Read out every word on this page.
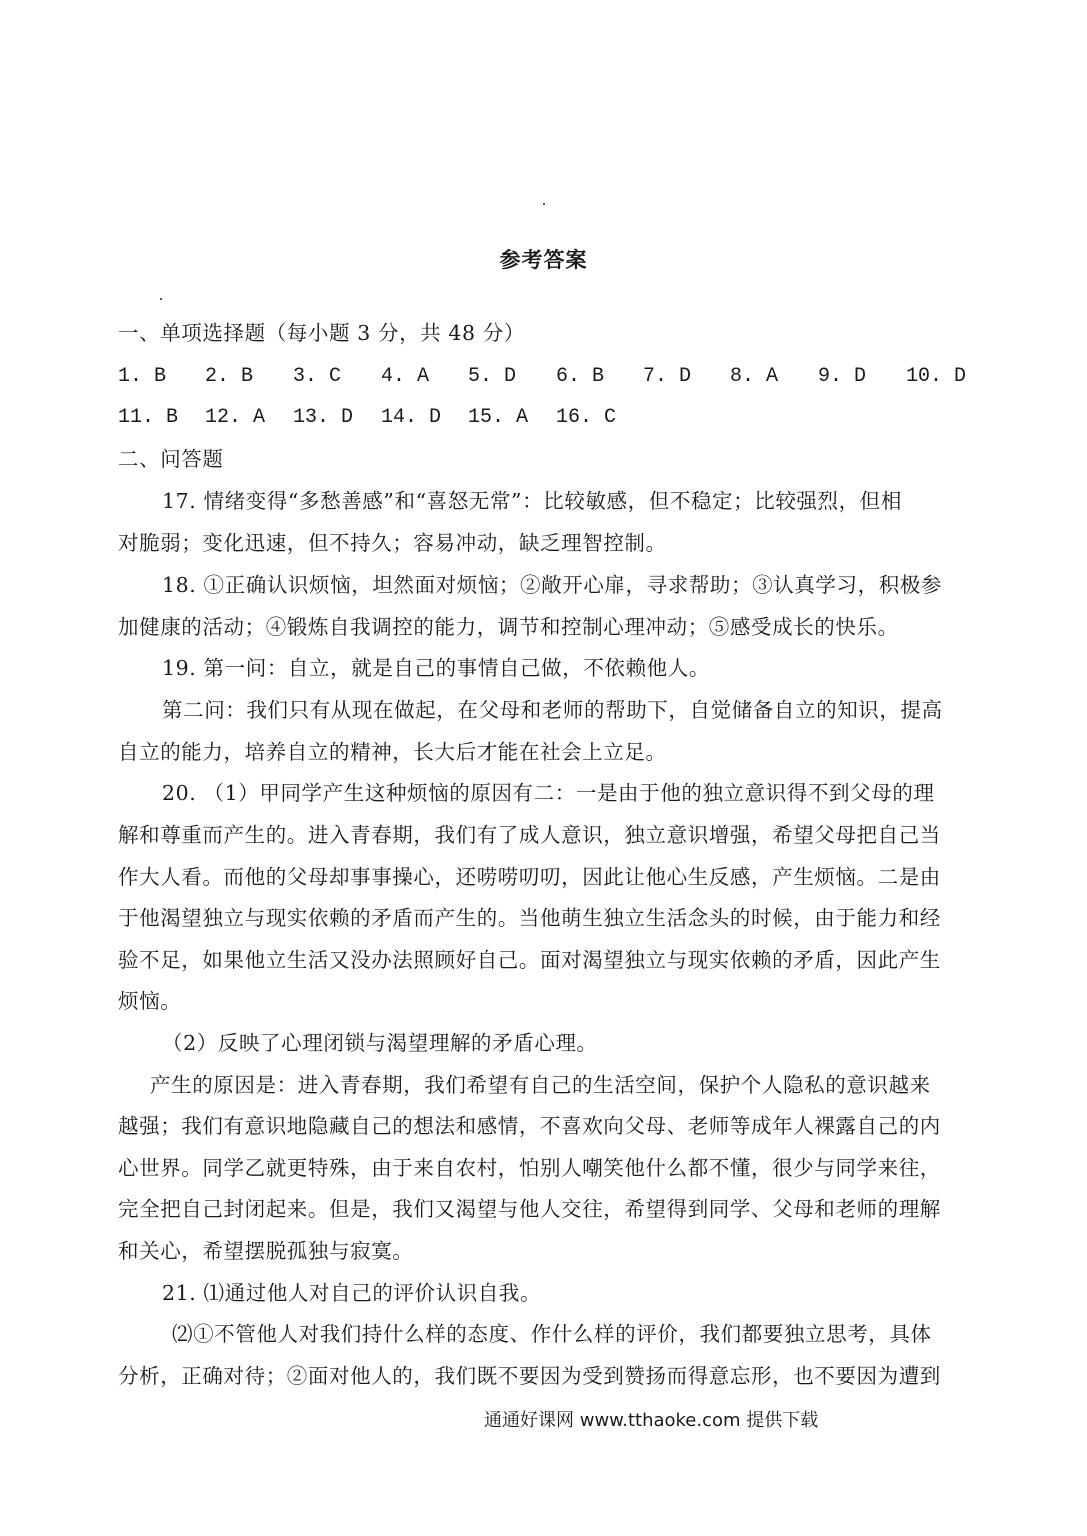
参考答案
一、单项选择题（每小题 3 分，共 48 分）
1. B 2. B 3. C 4. A 5. D 6. B 7. D 8. A 9. D 10. D
11. B 12. A 13. D 14. D 15. A 16. C
二、问答题
17. 情绪变得“多愁善感”和“喜怒无常”：比较敏感，但不稳定；比较强烈，但相
对脆弱；变化迅速，但不持久；容易冲动，缺乏理智控制。
18. ①正确认识烦恼，坦然面对烦恼；②敞开心扉，寻求帮助；③认真学习，积极参
加健康的活动；④锻炼自我调控的能力，调节和控制心理冲动；⑤感受成长的快乐。
19. 第一问：自立，就是自己的事情自己做，不依赖他人。
第二问：我们只有从现在做起，在父母和老师的帮助下，自觉储备自立的知识，提高
自立的能力，培养自立的精神，长大后才能在社会上立足。
20. （1）甲同学产生这种烦恼的原因有二：一是由于他的独立意识得不到父母的理
解和尊重而产生的。进入青春期，我们有了成人意识，独立意识增强，希望父母把自己当
作大人看。而他的父母却事事操心，还唠唠叨叨，因此让他心生反感，产生烦恼。二是由
于他渴望独立与现实依赖的矛盾而产生的。当他萌生独立生活念头的时候，由于能力和经
验不足，如果他立生活又没办法照顾好自己。面对渴望独立与现实依赖的矛盾，因此产生
烦恼。
（2）反映了心理闭锁与渴望理解的矛盾心理。
产生的原因是：进入青春期，我们希望有自己的生活空间，保护个人隐私的意识越来
越强；我们有意识地隐藏自己的想法和感情，不喜欢向父母、老师等成年人裸露自己的内
心世界。同学乙就更特殊，由于来自农村，怕别人嘲笑他什么都不懂，很少与同学来往，
完全把自己封闭起来。但是，我们又渴望与他人交往，希望得到同学、父母和老师的理解
和关心，希望摆脱孤独与寂寞。
21. ⑴通过他人对自己的评价认识自我。
⑵①不管他人对我们持什么样的态度、作什么样的评价，我们都要独立思考，具体
分析，正确对待；②面对他人的，我们既不要因为受到赞扬而得意忘形，也不要因为遭到
通通好课网 www.tthaoke.com 提供下载
